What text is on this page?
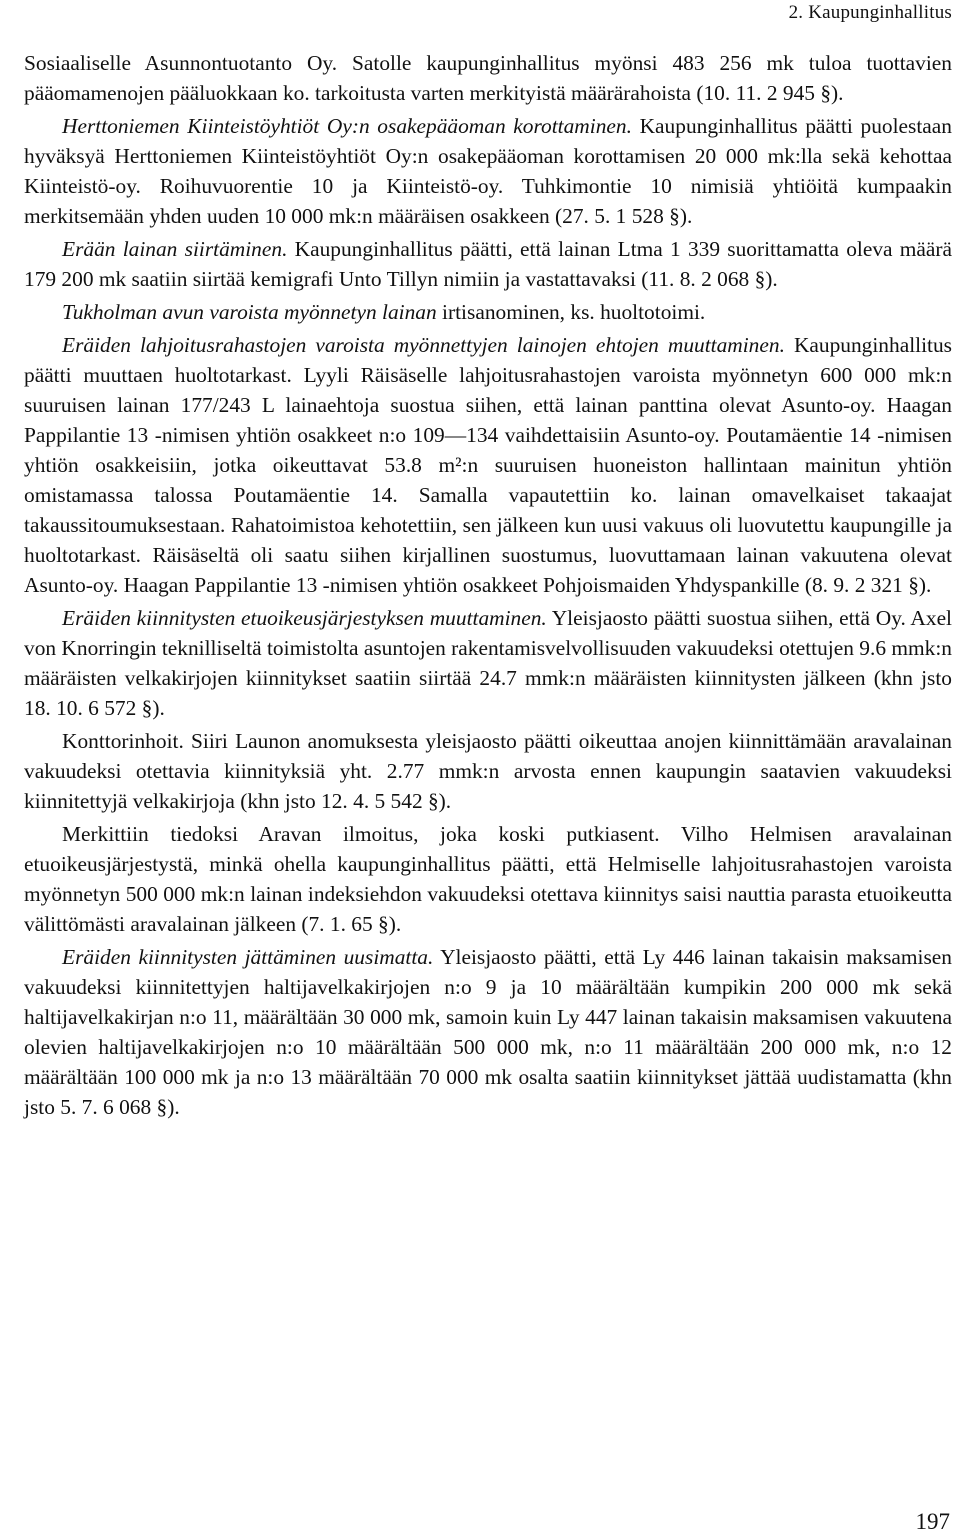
2. Kaupunginhallitus

Sosiaaliselle Asunnontuotanto Oy. Satolle kaupunginhallitus myönsi 483 256 mk tuloa tuottavien pääomamenojen pääluokkaan ko. tarkoitusta varten merkityistä määrärahoista (10. 11. 2 945 §).

Herttoniemen Kiinteistöyhtiöt Oy:n osakepääoman korottaminen. Kaupunginhallitus päätti puolestaan hyväksyä Herttoniemen Kiinteistöyhtiöt Oy:n osakepääoman korottamisen 20 000 mk:lla sekä kehottaa Kiinteistö-oy. Roihuvuorentie 10 ja Kiinteistö-oy. Tuhkimontie 10 nimisiä yhtiöitä kumpaakin merkitsemään yhden uuden 10 000 mk:n määräisen osakkeen (27. 5. 1 528 §).

Erään lainan siirtäminen. Kaupunginhallitus päätti, että lainan Ltma 1 339 suorittamatta oleva määrä 179 200 mk saatiin siirtää kemigrafi Unto Tillyn nimiin ja vastattavaksi (11. 8. 2 068 §).

Tukholman avun varoista myönnetyn lainan irtisanominen, ks. huoltotoimi.

Eräiden lahjoitusrahastojen varoista myönnettyjen lainojen ehtojen muuttaminen. Kaupunginhallitus päätti muuttaen huoltotarkast. Lyyli Räisäselle lahjoitusrahastojen varoista myönnetyn 600 000 mk:n suuruisen lainan 177/243 L lainaehtoja suostua siihen, että lainan panttina olevat Asunto-oy. Haagan Pappilantie 13 -nimisen yhtiön osakkeet n:o 109—134 vaihdettaisiin Asunto-oy. Poutamäentie 14 -nimisen yhtiön osakkeisiin, jotka oikeuttavat 53.8 m²:n suuruisen huoneiston hallintaan mainitun yhtiön omistamassa talossa Poutamäentie 14. Samalla vapautettiin ko. lainan omavelkaiset takaajat takaussitoumuksestaan. Rahatoimistoa kehotettiin, sen jälkeen kun uusi vakuus oli luovutettu kaupungille ja huoltotarkast. Räisäseltä oli saatu siihen kirjallinen suostumus, luovuttamaan lainan vakuutena olevat Asunto-oy. Haagan Pappilantie 13 -nimisen yhtiön osakkeet Pohjoismaiden Yhdyspankille (8. 9. 2 321 §).

Eräiden kiinnitysten etuoikeusjärjestyksen muuttaminen. Yleisjaosto päätti suostua siihen, että Oy. Axel von Knorringin teknilliseltä toimistolta asuntojen rakentamisvelvollisuuden vakuudeksi otettujen 9.6 mmk:n määräisten velkakirjojen kiinnitykset saatiin siirtää 24.7 mmk:n määräisten kiinnitysten jälkeen (khn jsto 18. 10. 6 572 §).

Konttorinhoit. Siiri Launon anomuksesta yleisjaosto päätti oikeuttaa anojen kiinnittämään aravalainan vakuudeksi otettavia kiinnityksiä yht. 2.77 mmk:n arvosta ennen kaupungin saatavien vakuudeksi kiinnitettyjä velkakirjoja (khn jsto 12. 4. 5 542 §).

Merkittiin tiedoksi Aravan ilmoitus, joka koski putkiasent. Vilho Helmisen aravalainan etuoikeusjärjestystä, minkä ohella kaupunginhallitus päätti, että Helmiselle lahjoitusrahastojen varoista myönnetyn 500 000 mk:n lainan indeksiehdon vakuudeksi otettava kiinnitys saisi nauttia parasta etuoikeutta välittömästi aravalainan jälkeen (7. 1. 65 §).

Eräiden kiinnitysten jättäminen uusimatta. Yleisjaosto päätti, että Ly 446 lainan takaisin maksamisen vakuudeksi kiinnitettyjen haltijavelkakirjojen n:o 9 ja 10 määrältään kumpikin 200 000 mk sekä haltijavelkakirjan n:o 11, määrältään 30 000 mk, samoin kuin Ly 447 lainan takaisin maksamisen vakuutena olevien haltijavelkakirjojen n:o 10 määrältään 500 000 mk, n:o 11 määrältään 200 000 mk, n:o 12 määrältään 100 000 mk ja n:o 13 määrältään 70 000 mk osalta saatiin kiinnitykset jättää uudistamatta (khn jsto 5. 7. 6 068 §).

197
